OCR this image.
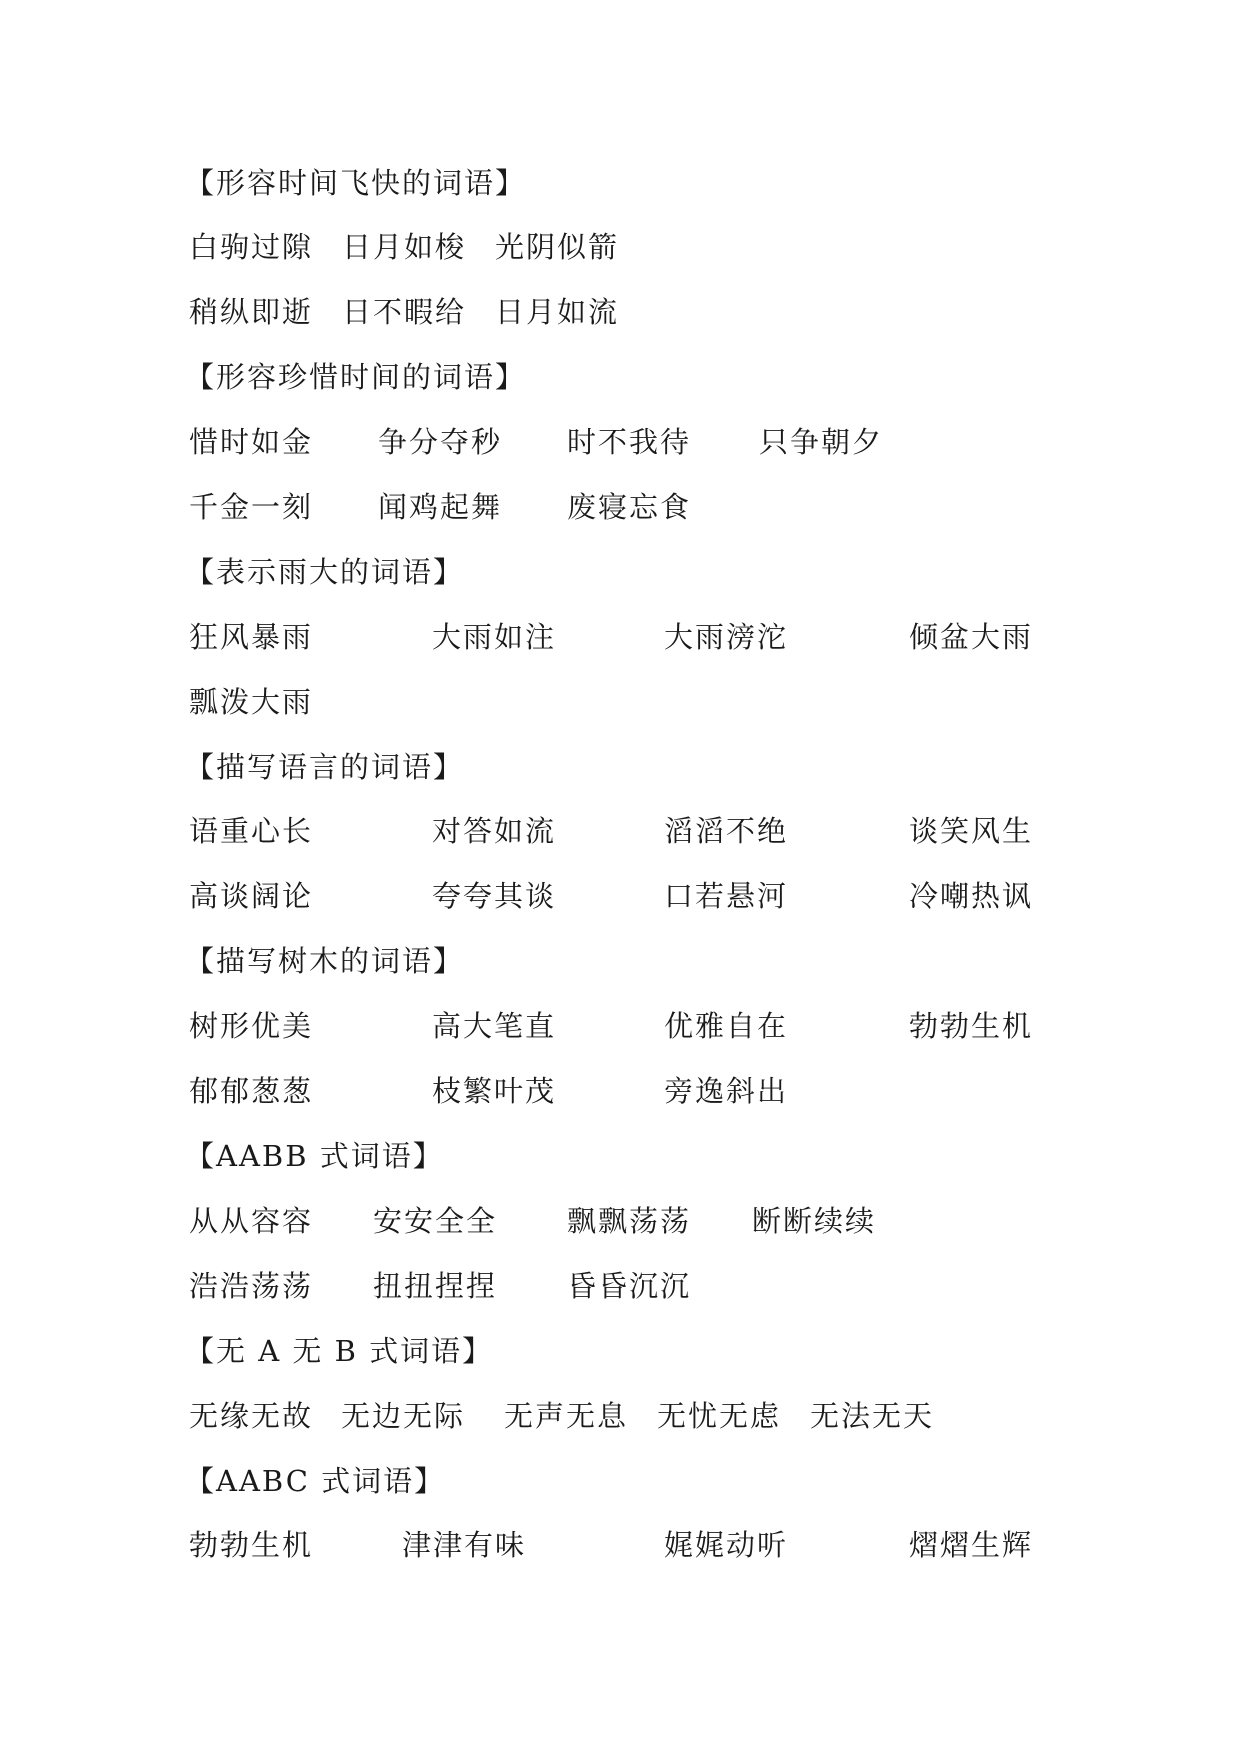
【形容时间飞快的词语】
白驹过隙 日月如梭 光阴似箭
稍纵即逝 日不暇给 日月如流
【形容珍惜时间的词语】
惜时如金 争分夺秒 时不我待 只争朝夕
千金一刻 闻鸡起舞 废寝忘食
【表示雨大的词语】
狂风暴雨	大雨如注	大雨滂沱	倾盆大雨
瓢泼大雨
【描写语言的词语】
语重心长	对答如流	滔滔不绝	谈笑风生
高谈阔论	夸夸其谈	口若悬河	冷嘲热讽
【描写树木的词语】
树形优美	高大笔直	优雅自在	勃勃生机
郁郁葱葱	枝繁叶茂	旁逸斜出
【AABB 式词语】
从从容容 安安全全 飘飘荡荡 断断续续
浩浩荡荡 扭扭捏捏 昏昏沉沉
【无 A 无 B 式词语】
无缘无故 无边无际 无声无息 无忧无虑 无法无天
【AABC 式词语】
勃勃生机	津津有味	娓娓动听	熠熠生辉
